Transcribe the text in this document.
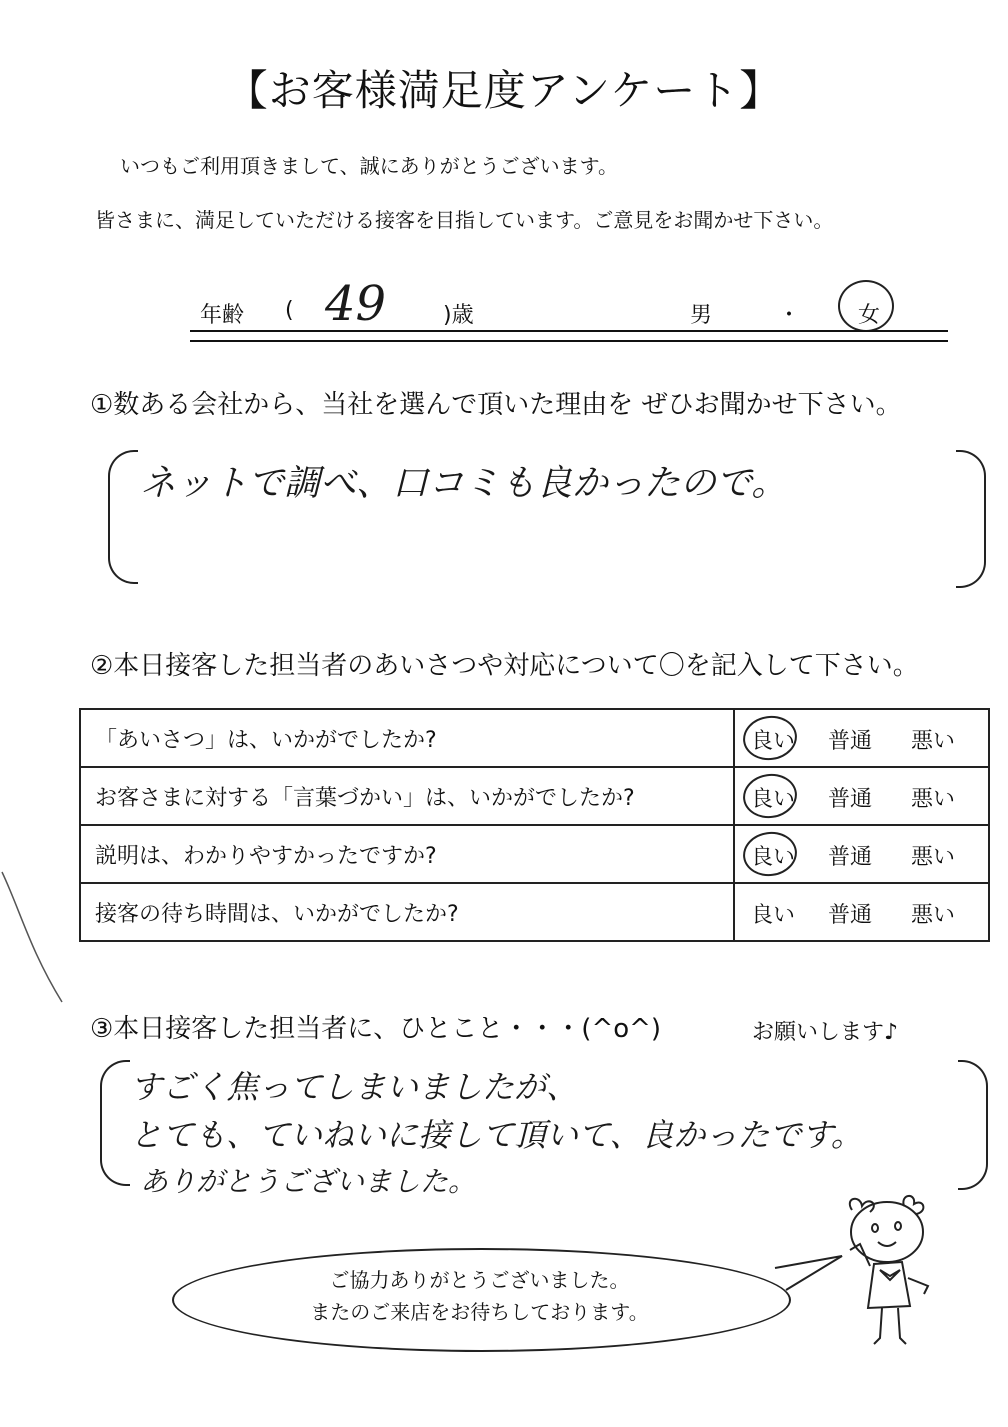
【お客様満足度アンケート】
いつもご利用頂きまして、誠にありがとうございます。
皆さまに、満足していただける接客を目指しています。ご意見をお聞かせ下さい。
年齢 ( 49	)歳	男	・	女
①数ある会社から、当社を選んで頂いた理由を ぜひお聞かせ下さい。
ネットで調べ、口コミも良かったので。
②本日接客した担当者のあいさつや対応について〇を記入して下さい。
「あいさつ」は、いかがでしたか?	良い 普通 悪い

お客さまに対する「言葉づかい」は、いかがでしたか?	良い 普通 悪い

説明は、わかりやすかったですか?	良い 普通 悪い

接客の待ち時間は、いかがでしたか?	良い 普通 悪い
③本日接客した担当者に、ひとこと・・・(^o^)	お願いします♪
すごく焦ってしまいましたが、
とても、ていねいに接して頂いて、良かったです。
ありがとうございました。
ご協力ありがとうございました。
またのご来店をお待ちしております。
